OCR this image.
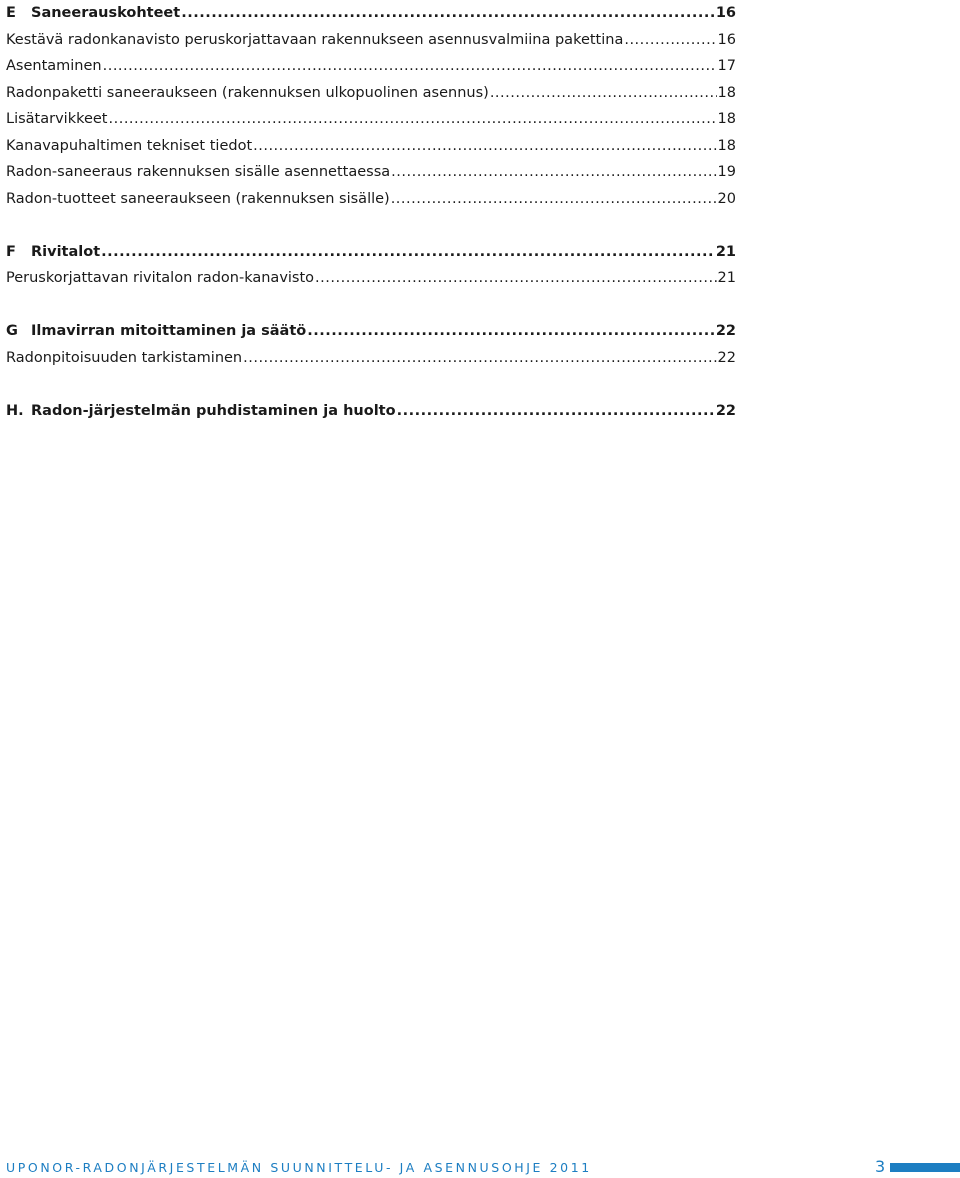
E	Saneerauskohteet .....	16
Kestävä radonkanavisto peruskorjattavaan rakennukseen asennusvalmiina pakettina .....	16
Asentaminen .....	17
Radonpaketti saneeraukseen (rakennuksen ulkopuolinen asennus) .....	18
Lisätarvikkeet .....	18
Kanavapuhaltimen tekniset tiedot .....	18
Radon-saneeraus rakennuksen sisälle asennettaessa .....	19
Radon-tuotteet saneeraukseen (rakennuksen sisälle) .....	20
F	Rivitalot .....	21
Peruskorjattavan rivitalon radon-kanavisto .....	21
G Ilmavirran mitoittaminen ja säätö .....	22
Radonpitoisuuden tarkistaminen .....	22
H. Radon-järjestelmän puhdistaminen ja huolto .....	22
UPONOR-RADONJÄRJESTELMÄN SUUNNITTELU- JA ASENNUSOHJE 2011	3
